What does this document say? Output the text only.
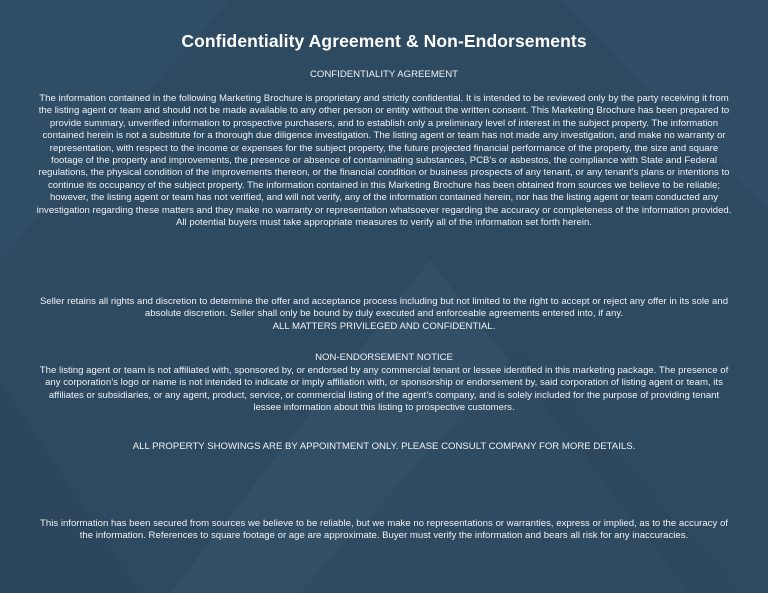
Confidentiality Agreement & Non-Endorsements

CONFIDENTIALITY AGREEMENT

The information contained in the following Marketing Brochure is proprietary and strictly confidential. It is intended to be reviewed only by the party receiving it from the listing agent or team and should not be made available to any other person or entity without the written consent. This Marketing Brochure has been prepared to provide summary, unverified information to prospective purchasers, and to establish only a preliminary level of interest in the subject property. The information contained herein is not a substitute for a thorough due diligence investigation. The listing agent or team has not made any investigation, and make no warranty or representation, with respect to the income or expenses for the subject property, the future projected financial performance of the property, the size and square footage of the property and improvements, the presence or absence of contaminating substances, PCB’s or asbestos, the compliance with State and Federal regulations, the physical condition of the improvements thereon, or the financial condition or business prospects of any tenant, or any tenant’s plans or intentions to continue its occupancy of the subject property. The information contained in this Marketing Brochure has been obtained from sources we believe to be reliable; however, the listing agent or team has not verified, and will not verify, any of the information contained herein, nor has the listing agent or team conducted any investigation regarding these matters and they make no warranty or representation whatsoever regarding the accuracy or completeness of the information provided. All potential buyers must take appropriate measures to verify all of the information set forth herein.

Seller retains all rights and discretion to determine the offer and acceptance process including but not limited to the right to accept or reject any offer in its sole and absolute discretion. Seller shall only be bound by duly executed and enforceable agreements entered into, if any.

ALL MATTERS PRIVILEGED AND CONFIDENTIAL.

NON-ENDORSEMENT NOTICE

The listing agent or team is not affiliated with, sponsored by, or endorsed by any commercial tenant or lessee identified in this marketing package. The presence of any corporation’s logo or name is not intended to indicate or imply affiliation with, or sponsorship or endorsement by, said corporation of listing agent or team, its affiliates or subsidiaries, or any agent, product, service, or commercial listing of the agent’s company, and is solely included for the purpose of providing tenant lessee information about this listing to prospective customers.

ALL PROPERTY SHOWINGS ARE BY APPOINTMENT ONLY. PLEASE CONSULT COMPANY FOR MORE DETAILS.

This information has been secured from sources we believe to be reliable, but we make no representations or warranties, express or implied, as to the accuracy of the information. References to square footage or age are approximate. Buyer must verify the information and bears all risk for any inaccuracies.
